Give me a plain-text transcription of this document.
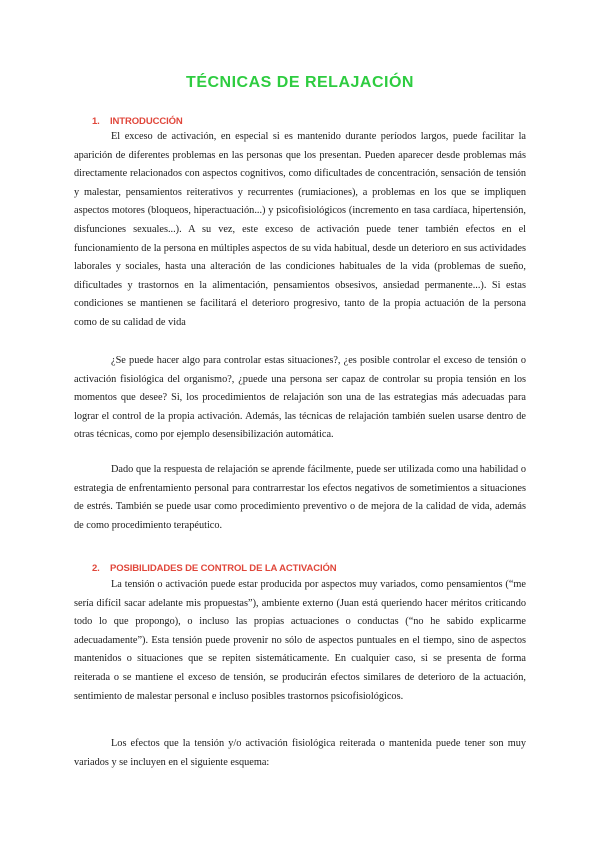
TÉCNICAS DE RELAJACIÓN
1. INTRODUCCIÓN

El exceso de activación, en especial si es mantenido durante períodos largos, puede facilitar la aparición de diferentes problemas en las personas que los presentan. Pueden aparecer desde problemas más directamente relacionados con aspectos cognitivos, como dificultades de concentración, sensación de tensión y malestar, pensamientos reiterativos y recurrentes (rumiaciones), a problemas en los que se impliquen aspectos motores (bloqueos, hiperactuación...) y psicofisiológicos (incremento en tasa cardíaca, hipertensión, disfunciones sexuales...). A su vez, este exceso de activación puede tener también efectos en el funcionamiento de la persona en múltiples aspectos de su vida habitual, desde un deterioro en sus actividades laborales y sociales, hasta una alteración de las condiciones habituales de la vida (problemas de sueño, dificultades y trastornos en la alimentación, pensamientos obsesivos, ansiedad permanente...). Si estas condiciones se mantienen se facilitará el deterioro progresivo, tanto de la propia actuación de la persona como de su calidad de vida

¿Se puede hacer algo para controlar estas situaciones?, ¿es posible controlar el exceso de tensión o activación fisiológica del organismo?, ¿puede una persona ser capaz de controlar su propia tensión en los momentos que desee? Si, los procedimientos de relajación son una de las estrategias más adecuadas para lograr el control de la propia activación. Además, las técnicas de relajación también suelen usarse dentro de otras técnicas, como por ejemplo desensibilización automática.

Dado que la respuesta de relajación se aprende fácilmente, puede ser utilizada como una habilidad o estrategia de enfrentamiento personal para contrarrestar los efectos negativos de sometimientos a situaciones de estrés. También se puede usar como procedimiento preventivo o de mejora de la calidad de vida, además de como procedimiento terapéutico.

2. POSIBILIDADES DE CONTROL DE LA ACTIVACIÓN

La tensión o activación puede estar producida por aspectos muy variados, como pensamientos (“me sería difícil sacar adelante mis propuestas”), ambiente externo (Juan está queriendo hacer méritos criticando todo lo que propongo), o incluso las propias actuaciones o conductas (“no he sabido explicarme adecuadamente”). Esta tensión puede provenir no sólo de aspectos puntuales en el tiempo, sino de aspectos mantenidos o situaciones que se repiten sistemáticamente. En cualquier caso, si se presenta de forma reiterada o se mantiene el exceso de tensión, se producirán efectos similares de deterioro de la actuación, sentimiento de malestar personal e incluso posibles trastornos psicofisiológicos.

Los efectos que la tensión y/o activación fisiológica reiterada o mantenida puede tener son muy variados y se incluyen en el siguiente esquema:
